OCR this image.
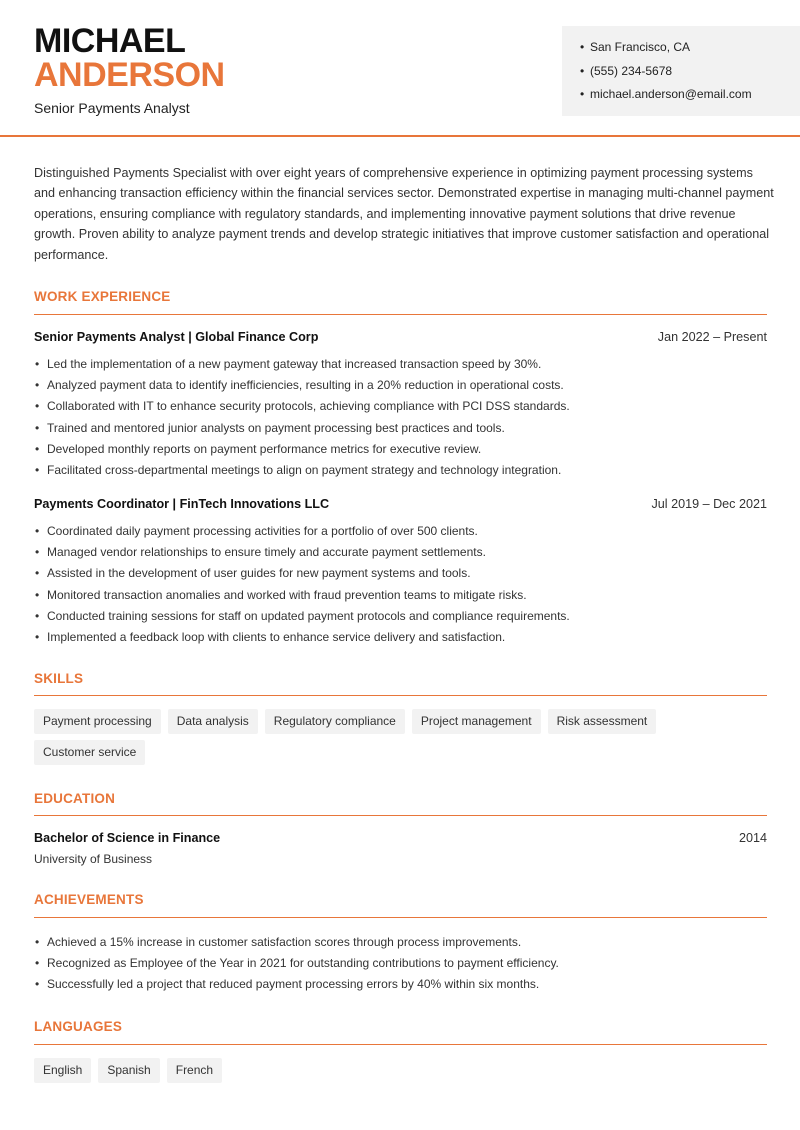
MICHAEL
ANDERSON
Senior Payments Analyst
• San Francisco, CA
• (555) 234-5678
• michael.anderson@email.com

Distinguished Payments Specialist with over eight years of comprehensive experience in optimizing payment processing systems and enhancing transaction efficiency within the financial services sector. Demonstrated expertise in managing multi-channel payment operations, ensuring compliance with regulatory standards, and implementing innovative payment solutions that drive revenue growth. Proven ability to analyze payment trends and develop strategic initiatives that improve customer satisfaction and operational performance.

WORK EXPERIENCE
Senior Payments Analyst | Global Finance Corp	Jan 2022 – Present
• Led the implementation of a new payment gateway that increased transaction speed by 30%.
• Analyzed payment data to identify inefficiencies, resulting in a 20% reduction in operational costs.
• Collaborated with IT to enhance security protocols, achieving compliance with PCI DSS standards.
• Trained and mentored junior analysts on payment processing best practices and tools.
• Developed monthly reports on payment performance metrics for executive review.
• Facilitated cross-departmental meetings to align on payment strategy and technology integration.
Payments Coordinator | FinTech Innovations LLC	Jul 2019 – Dec 2021
• Coordinated daily payment processing activities for a portfolio of over 500 clients.
• Managed vendor relationships to ensure timely and accurate payment settlements.
• Assisted in the development of user guides for new payment systems and tools.
• Monitored transaction anomalies and worked with fraud prevention teams to mitigate risks.
• Conducted training sessions for staff on updated payment protocols and compliance requirements.
• Implemented a feedback loop with clients to enhance service delivery and satisfaction.
SKILLS
Payment processing Data analysis Regulatory compliance Project management Risk assessment
Customer service
EDUCATION
Bachelor of Science in Finance	2014
University of Business
ACHIEVEMENTS
• Achieved a 15% increase in customer satisfaction scores through process improvements.
• Recognized as Employee of the Year in 2021 for outstanding contributions to payment efficiency.
• Successfully led a project that reduced payment processing errors by 40% within six months.
LANGUAGES
English Spanish French
